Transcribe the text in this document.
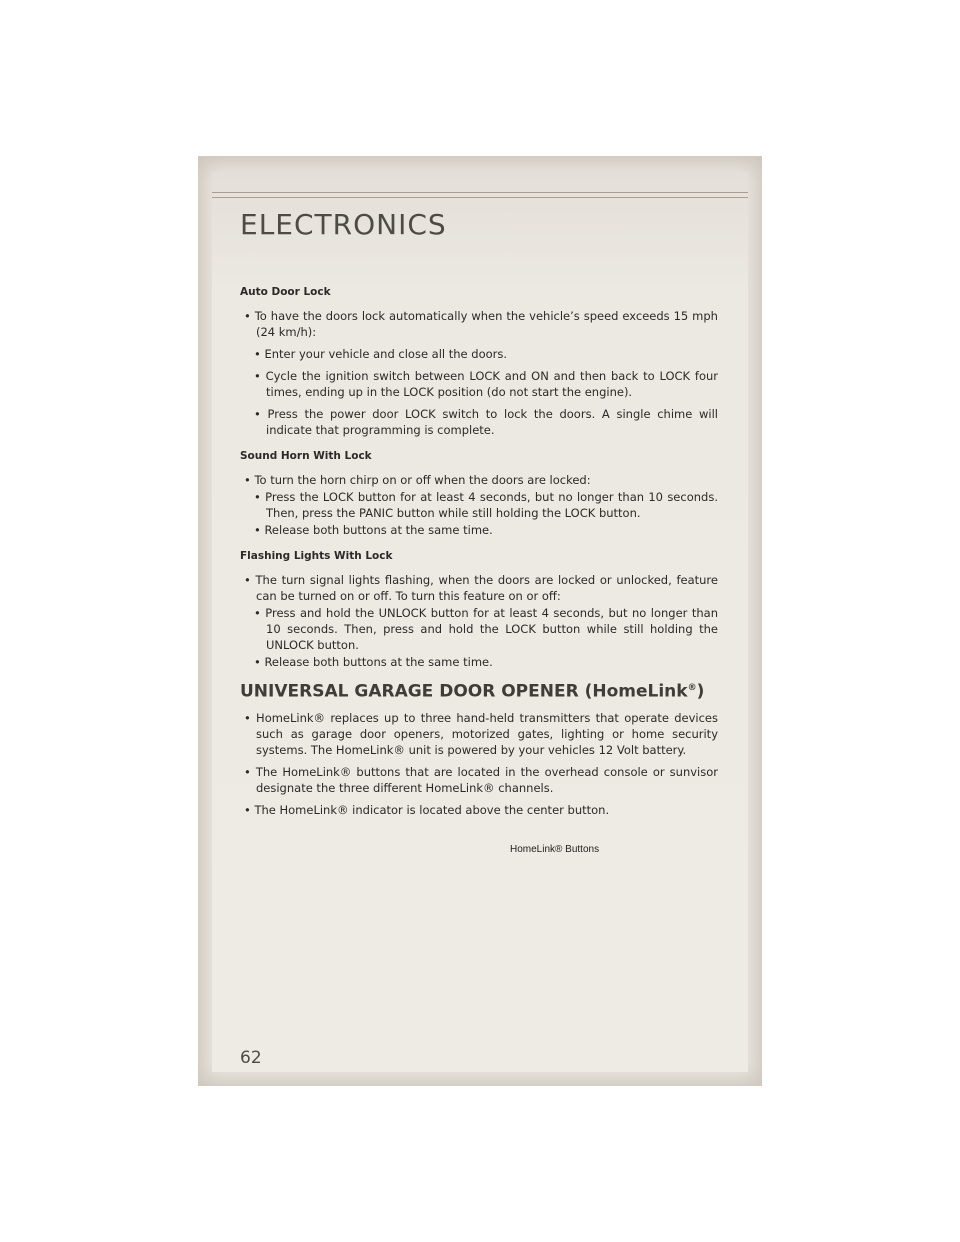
ELECTRONICS
Auto Door Lock
• To have the doors lock automatically when the vehicle’s speed exceeds 15 mph (24 km/h):
• Enter your vehicle and close all the doors.
• Cycle the ignition switch between LOCK and ON and then back to LOCK four times, ending up in the LOCK position (do not start the engine).
• Press the power door LOCK switch to lock the doors. A single chime will indicate that programming is complete.
Sound Horn With Lock
• To turn the horn chirp on or off when the doors are locked:
• Press the LOCK button for at least 4 seconds, but no longer than 10 seconds. Then, press the PANIC button while still holding the LOCK button.
• Release both buttons at the same time.
Flashing Lights With Lock
• The turn signal lights flashing, when the doors are locked or unlocked, feature can be turned on or off. To turn this feature on or off:
• Press and hold the UNLOCK button for at least 4 seconds, but no longer than 10 seconds. Then, press and hold the LOCK button while still holding the UNLOCK button.
• Release both buttons at the same time.
UNIVERSAL GARAGE DOOR OPENER (HomeLink®)
• HomeLink® replaces up to three hand-held transmitters that operate devices such as garage door openers, motorized gates, lighting or home security systems. The HomeLink® unit is powered by your vehicles 12 Volt battery.
• The HomeLink® buttons that are located in the overhead console or sunvisor designate the three different HomeLink® channels.
• The HomeLink® indicator is located above the center button.
HomeLink® Buttons
62
